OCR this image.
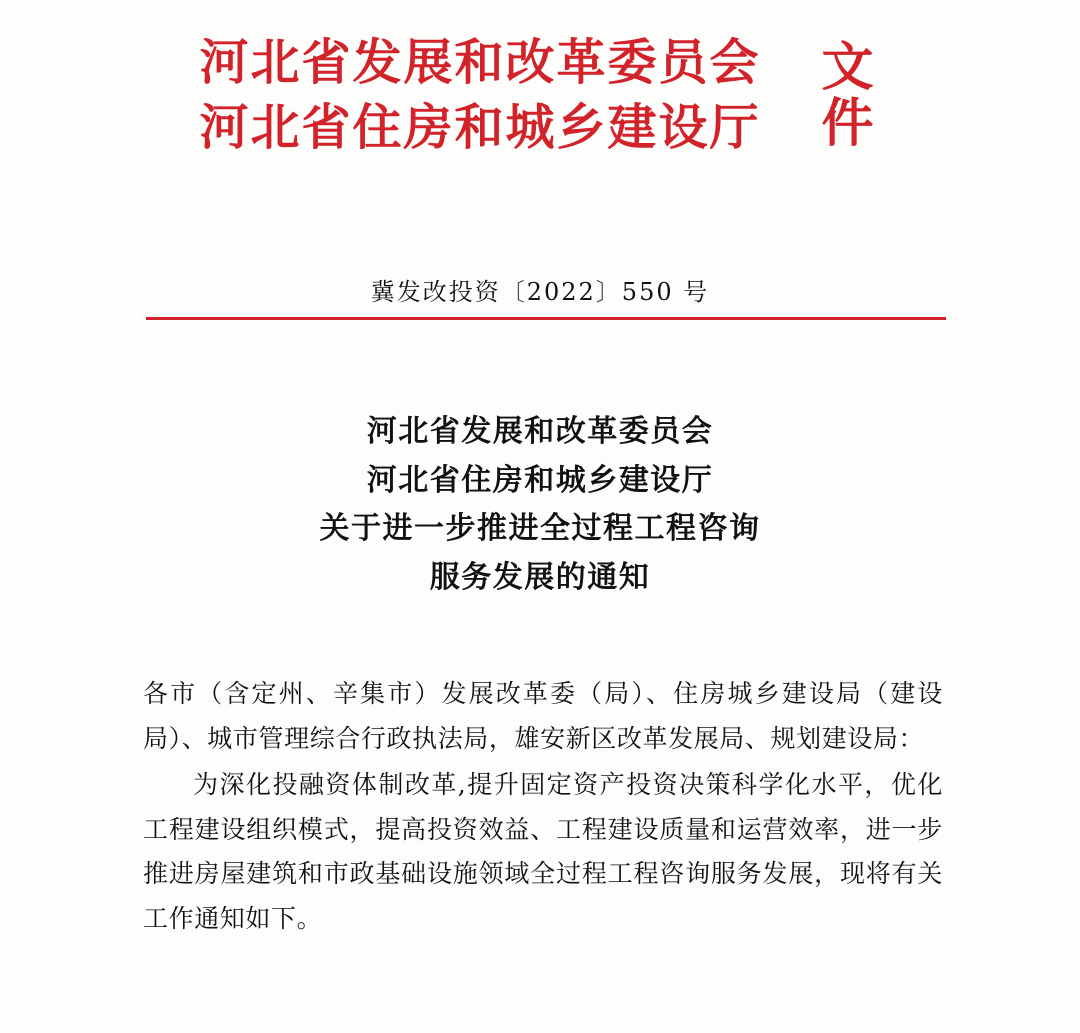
河北省发展和改革委员会
河北省住房和城乡建设厅
文件
冀发改投资〔2022〕550 号
河北省发展和改革委员会
河北省住房和城乡建设厅
关于进一步推进全过程工程咨询
服务发展的通知

各市（含定州、辛集市）发展改革委（局）、住房城乡建设局（建设局）、城市管理综合行政执法局，雄安新区改革发展局、规划建设局：

为深化投融资体制改革,提升固定资产投资决策科学化水平，优化工程建设组织模式，提高投资效益、工程建设质量和运营效率，进一步推进房屋建筑和市政基础设施领域全过程工程咨询服务发展，现将有关工作通知如下。
